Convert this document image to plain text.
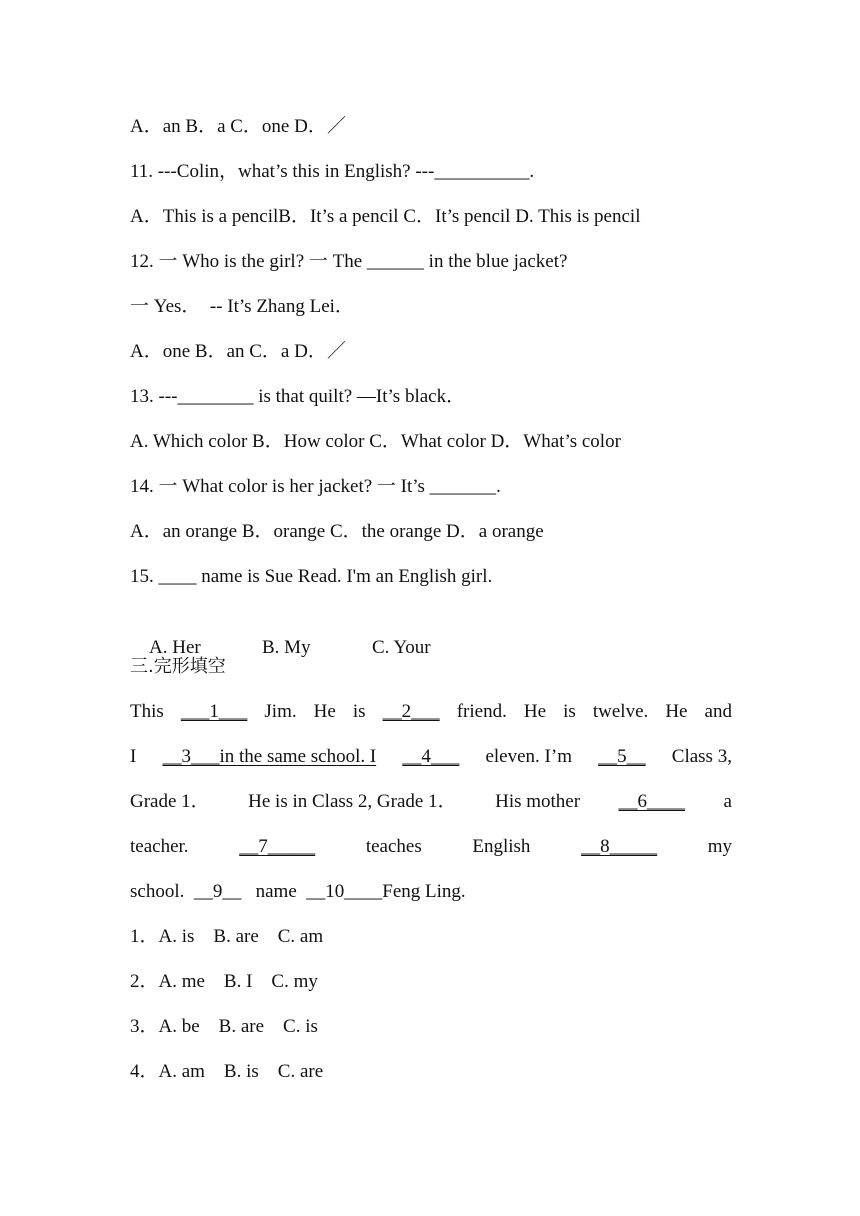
A．an B．a C．one D．／
11. ---Colin，what’s this in English? ---__________.
A．This is a pencilB．It’s a pencil C．It’s pencil D. This is pencil
12. 一 Who is the girl? 一 The ______ in the blue jacket?
一 Yes．  -- It’s Zhang Lei．
A．one B．an C．a D．／
13. ---________ is that quilt? —It’s black．
A. Which color B．How color C．What color D．What’s color
14. 一 What color is her jacket? 一 It’s _______.
A．an orange B．orange C．the orange D．a orange
15. ____ name is Sue Read. I'm an English girl.

A. Her	B. My	C. Your

三.完形填空
This ___1___ Jim. He is __2___ friend. He is twelve. He and
I __3___in the same school. I __4___ eleven. I’m __5__ Class 3,
Grade 1． He is in Class 2, Grade 1． His mother __6____ a
teacher.	__7_____	teaches	English	__8_____	my
school.  __9__   name  __10____Feng Ling.
1．A. is    B. are    C. am
2．A. me    B. I    C. my
3．A. be    B. are    C. is
4．A. am    B. is    C. are
